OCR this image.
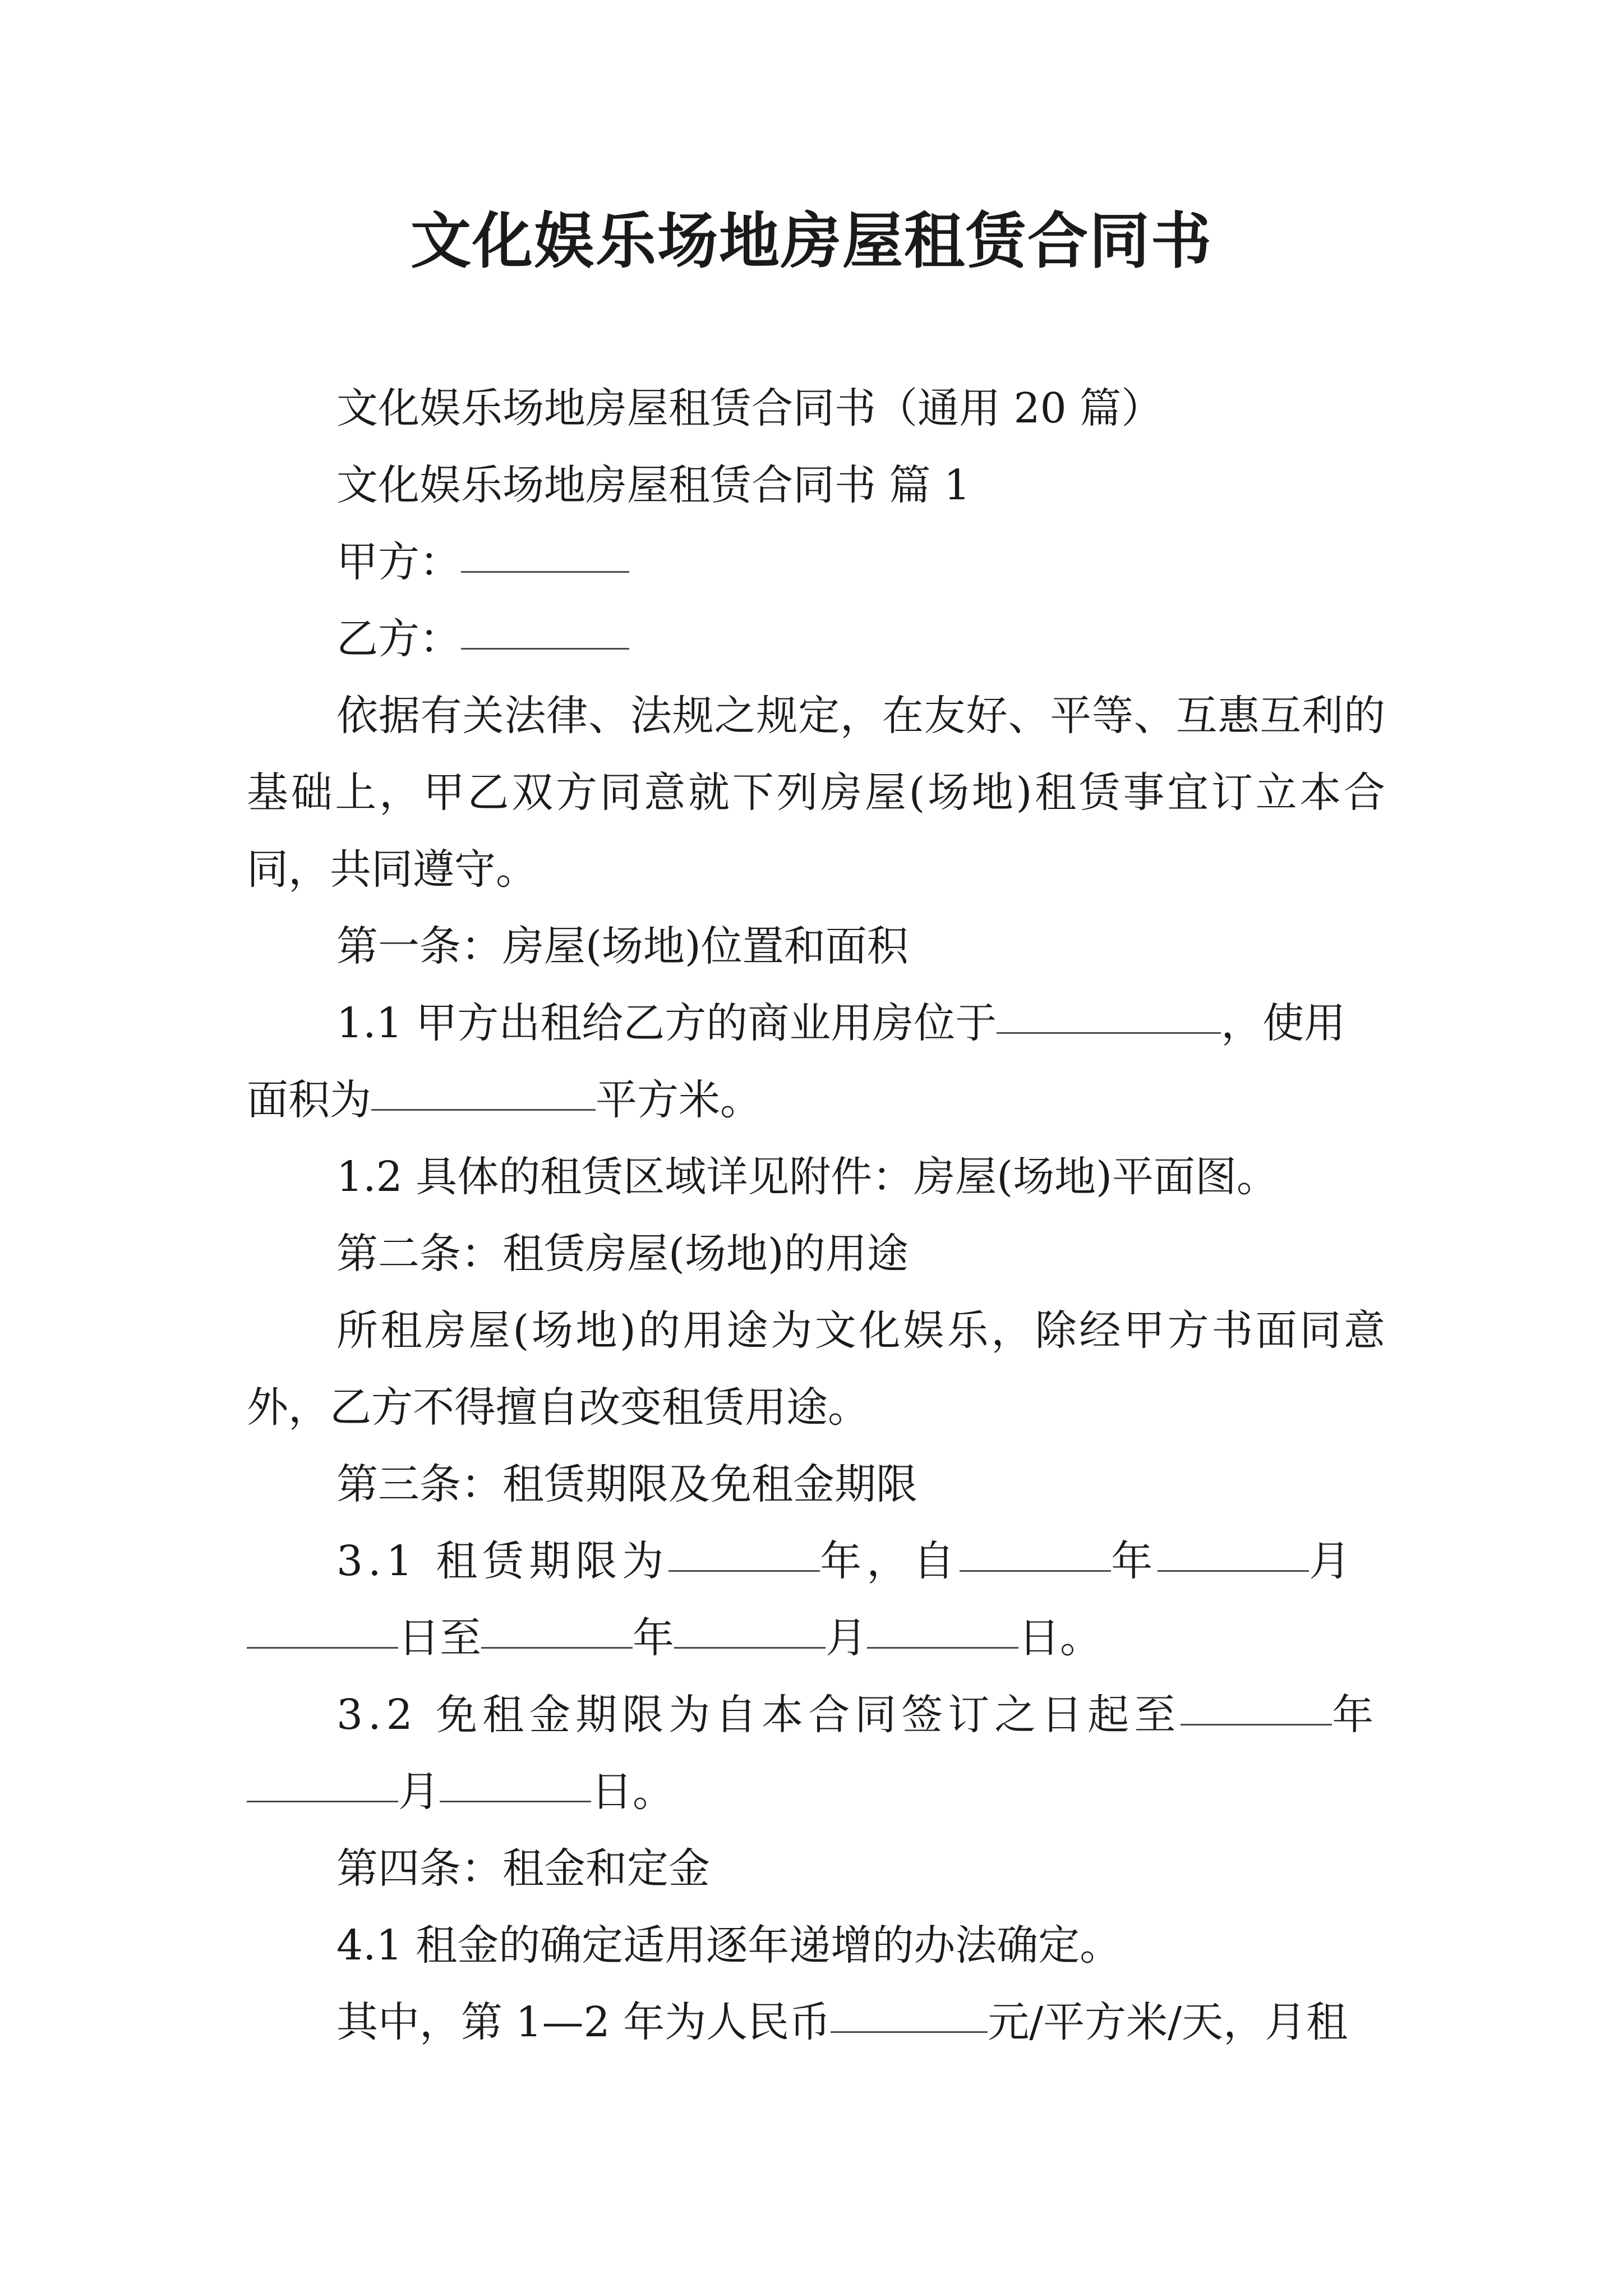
文化娱乐场地房屋租赁合同书

文化娱乐场地房屋租赁合同书（通用 20 篇）

文化娱乐场地房屋租赁合同书 篇 1

甲方：

乙方：

依据有关法律、法规之规定，在友好、平等、互惠互利的基础上，甲乙双方同意就下列房屋(场地)租赁事宜订立本合同，共同遵守。

第一条：房屋(场地)位置和面积

1.1 甲方出租给乙方的商业用房位于	，使用

面积为	平方米。

1.2 具体的租赁区域详见附件：房屋(场地)平面图。

第二条：租赁房屋(场地)的用途

所租房屋(场地)的用途为文化娱乐，除经甲方书面同意外，乙方不得擅自改变租赁用途。

第三条：租赁期限及免租金期限

3.1 租赁期限为	年，自	年	月

日至	年	月	日。

3.2 免租金期限为自本合同签订之日起至	年

月	日。

第四条：租金和定金

4.1 租金的确定适用逐年递增的办法确定。

其中，第 1—2 年为人民币	元/平方米/天，月租
